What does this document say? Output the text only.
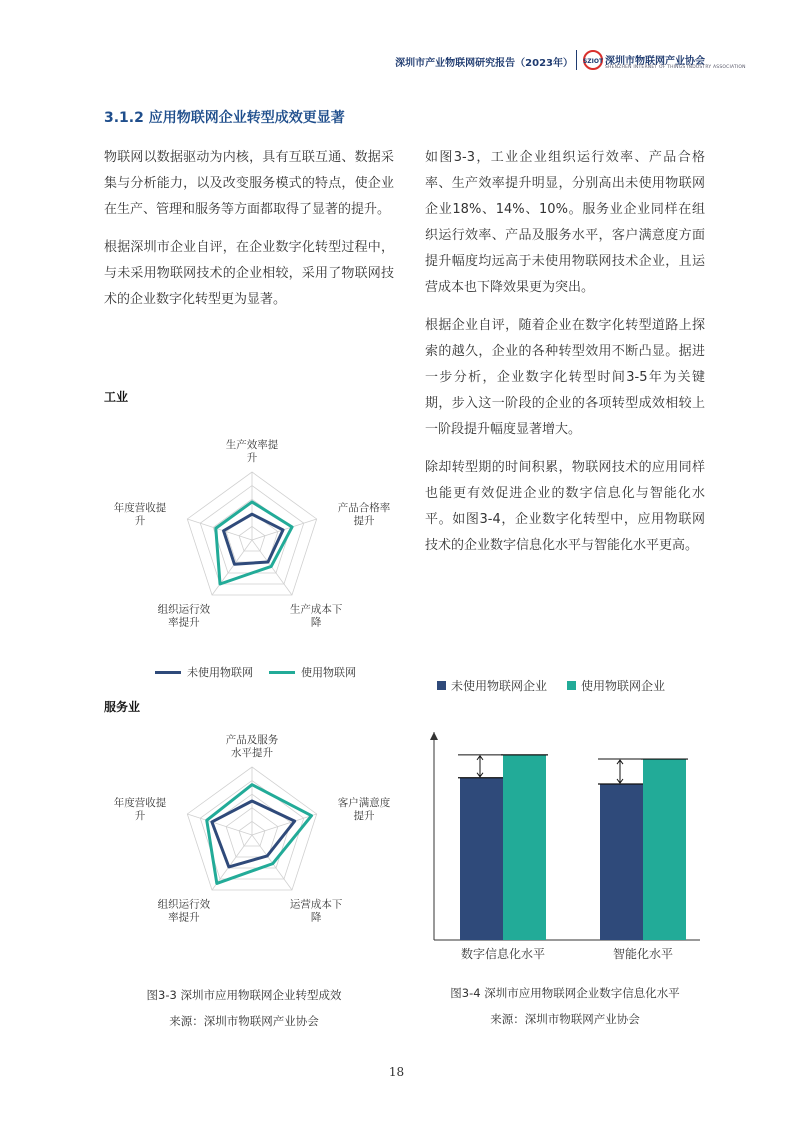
深圳市产业物联网研究报告（2023年） SZIOT 深圳市物联网产业协会
SHENZHEN INTERNET OF THINGS INDUSTRY ASSOCIATION
3.1.2 应用物联网企业转型成效更显著

物联网以数据驱动为内核，具有互联互通、数据采集与分析能力，以及改变服务模式的特点，使企业在生产、管理和服务等方面都取得了显著的提升。

根据深圳市企业自评，在企业数字化转型过程中，与未采用物联网技术的企业相较，采用了物联网技术的企业数字化转型更为显著。

如图3-3，工业企业组织运行效率、产品合格率、生产效率提升明显，分别高出未使用物联网企业18%、14%、10%。服务业企业同样在组织运行效率、产品及服务水平，客户满意度方面提升幅度均远高于未使用物联网技术企业，且运营成本也下降效果更为突出。

根据企业自评，随着企业在数字化转型道路上探索的越久，企业的各种转型效用不断凸显。据进一步分析，企业数字化转型时间3-5年为关键期，步入这一阶段的企业的各项转型成效相较上一阶段提升幅度显著增大。

除却转型期的时间积累，物联网技术的应用同样也能更有效促进企业的数字信息化与智能化水平。如图3-4，企业数字化转型中，应用物联网技术的企业数字信息化水平与智能化水平更高。

工业
生产效率提升
产品合格率提升
生产成本下降
组织运行效率提升
年度营收提升
未使用物联网	使用物联网
服务业
产品及服务水平提升
客户满意度提升
运营成本下降
组织运行效率提升
年度营收提升
未使用物联网企业	使用物联网企业
数字信息化水平	智能化水平
图3-3 深圳市应用物联网企业转型成效
来源：深圳市物联网产业协会
图3-4 深圳市应用物联网企业数字信息化水平
来源：深圳市物联网产业协会
18
